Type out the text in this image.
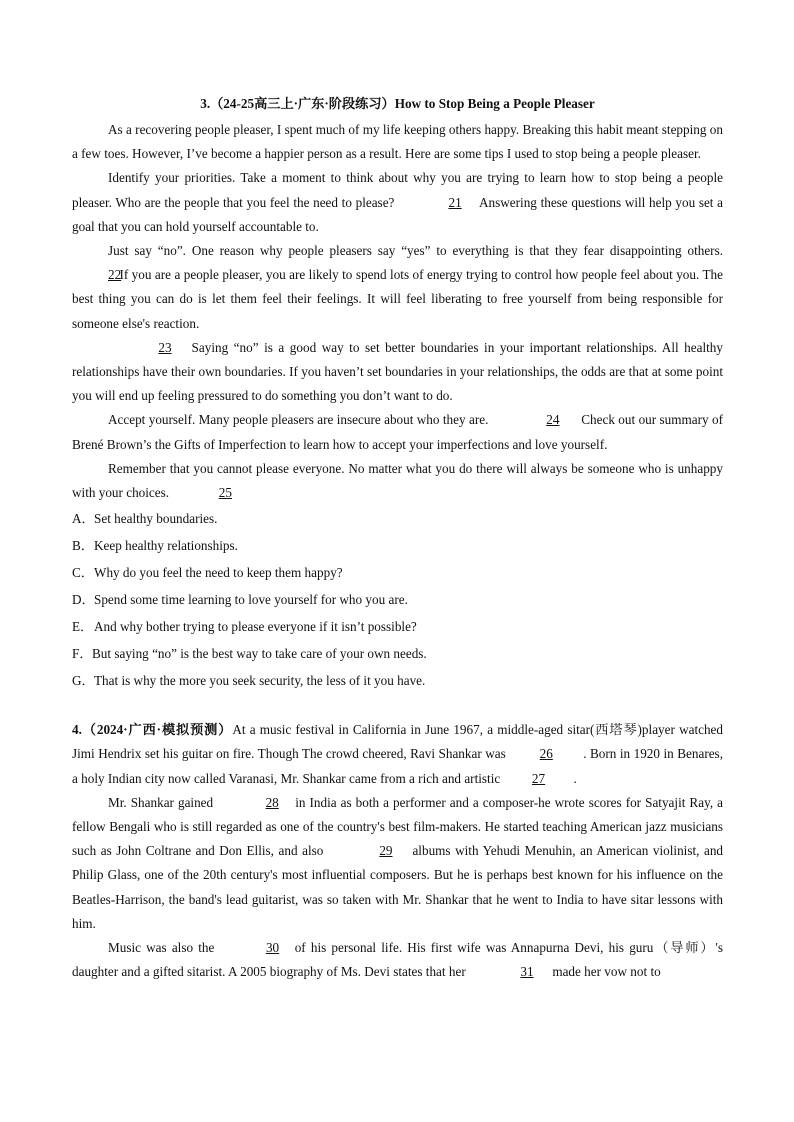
3.（24-25高三上·广东·阶段练习）How to Stop Being a People Pleaser

As a recovering people pleaser, I spent much of my life keeping others happy. Breaking this habit meant stepping on a few toes. However, I’ve become a happier person as a result. Here are some tips I used to stop being a people pleaser.

Identify your priorities. Take a moment to think about why you are trying to learn how to stop being a people pleaser. Who are the people that you feel the need to please?	21 Answering these questions will help you set a goal that you can hold yourself accountable to.

Just say “no”. One reason why people pleasers say “yes” to everything is that they fear disappointing others. 22 If you are a people pleaser, you are likely to spend lots of energy trying to control how people feel about you. The best thing you can do is let them feel their feelings. It will feel liberating to free yourself from being responsible for someone else's reaction.

23 Saying “no” is a good way to set better boundaries in your important relationships. All healthy relationships have their own boundaries. If you haven’t set boundaries in your relationships, the odds are that at some point you will end up feeling pressured to do something you don’t want to do.

Accept yourself. Many people pleasers are insecure about who they are.	24 Check out our summary of Brené Brown’s the Gifts of Imperfection to learn how to accept your imperfections and love yourself.

Remember that you cannot please everyone. No matter what you do there will always be someone who is unhappy with your choices.	25

A．Set healthy boundaries.
B．Keep healthy relationships.
C．Why do you feel the need to keep them happy?
D．Spend some time learning to love yourself for who you are.
E．And why bother trying to please everyone if it isn’t possible?
F．But saying “no” is the best way to take care of your own needs.
G．That is why the more you seek security, the less of it you have.

4.（2024·广西·模拟预测）At a music festival in California in June 1967, a middle-aged sitar(西塔琴)player watched Jimi Hendrix set his guitar on fire. Though The crowd cheered, Ravi Shankar was	26 . Born in 1920 in Benares, a holy Indian city now called Varanasi, Mr. Shankar came from a rich and artistic 27 .

Mr. Shankar gained	28 in India as both a performer and a composer-he wrote scores for Satyajit Ray, a fellow Bengali who is still regarded as one of the country's best film-makers. He started teaching American jazz musicians such as John Coltrane and Don Ellis, and also	29 albums with Yehudi Menuhin, an American violinist, and Philip Glass, one of the 20th century's most influential composers. But he is perhaps best known for his influence on the Beatles-Harrison, the band's lead guitarist, was so taken with Mr. Shankar that he went to India to have sitar lessons with him.

Music was also the	30 of his personal life. His first wife was Annapurna Devi, his guru（导师）'s daughter and a gifted sitarist. A 2005 biography of Ms. Devi states that her	31 made her vow not to
